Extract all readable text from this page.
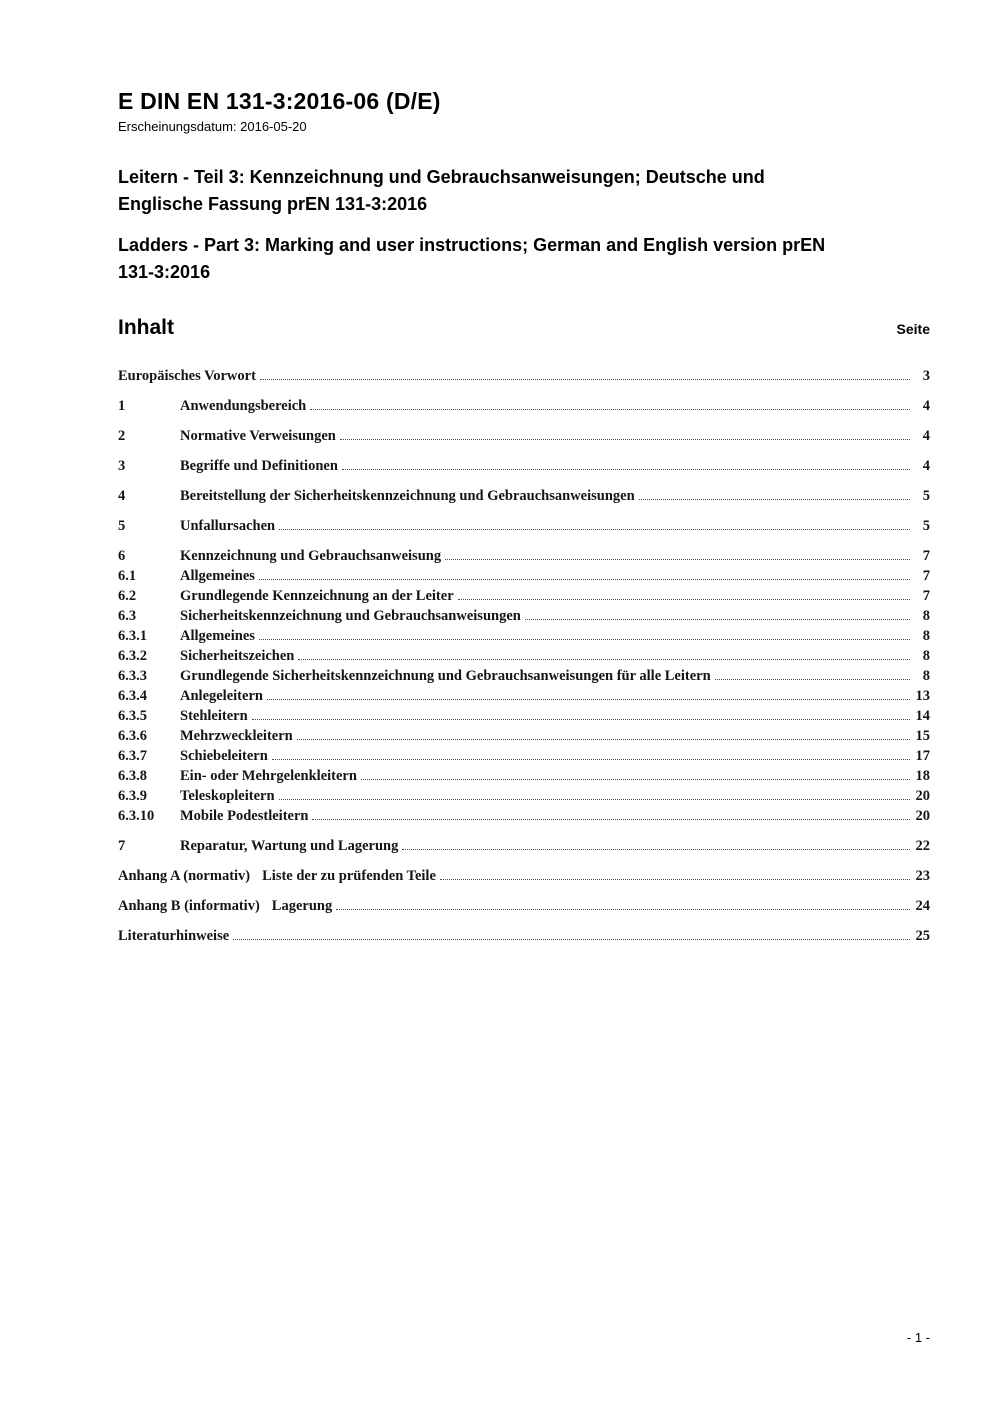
E DIN EN 131-3:2016-06 (D/E)
Erscheinungsdatum: 2016-05-20
Leitern - Teil 3: Kennzeichnung und Gebrauchsanweisungen; Deutsche und
Englische Fassung prEN 131-3:2016
Ladders - Part 3: Marking and user instructions; German and English version prEN
131-3:2016
Inhalt	Seite
Europäisches Vorwort	3
1	Anwendungsbereich	4
2	Normative Verweisungen	4
3	Begriffe und Definitionen	4
4	Bereitstellung der Sicherheitskennzeichnung und Gebrauchsanweisungen	5
5	Unfallursachen	5
6	Kennzeichnung und Gebrauchsanweisung	7
6.1	Allgemeines	7
6.2	Grundlegende Kennzeichnung an der Leiter	7
6.3	Sicherheitskennzeichnung und Gebrauchsanweisungen	8
6.3.1	Allgemeines	8
6.3.2	Sicherheitszeichen	8
6.3.3	Grundlegende Sicherheitskennzeichnung und Gebrauchsanweisungen für alle Leitern	8
6.3.4	Anlegeleitern	13
6.3.5	Stehleitern	14
6.3.6	Mehrzweckleitern	15
6.3.7	Schiebeleitern	17
6.3.8	Ein- oder Mehrgelenkleitern	18
6.3.9	Teleskopleitern	20
6.3.10	Mobile Podestleitern	20
7	Reparatur, Wartung und Lagerung	22
Anhang A (normativ) Liste der zu prüfenden Teile	23
Anhang B (informativ) Lagerung	24
Literaturhinweise	25
- 1 -
